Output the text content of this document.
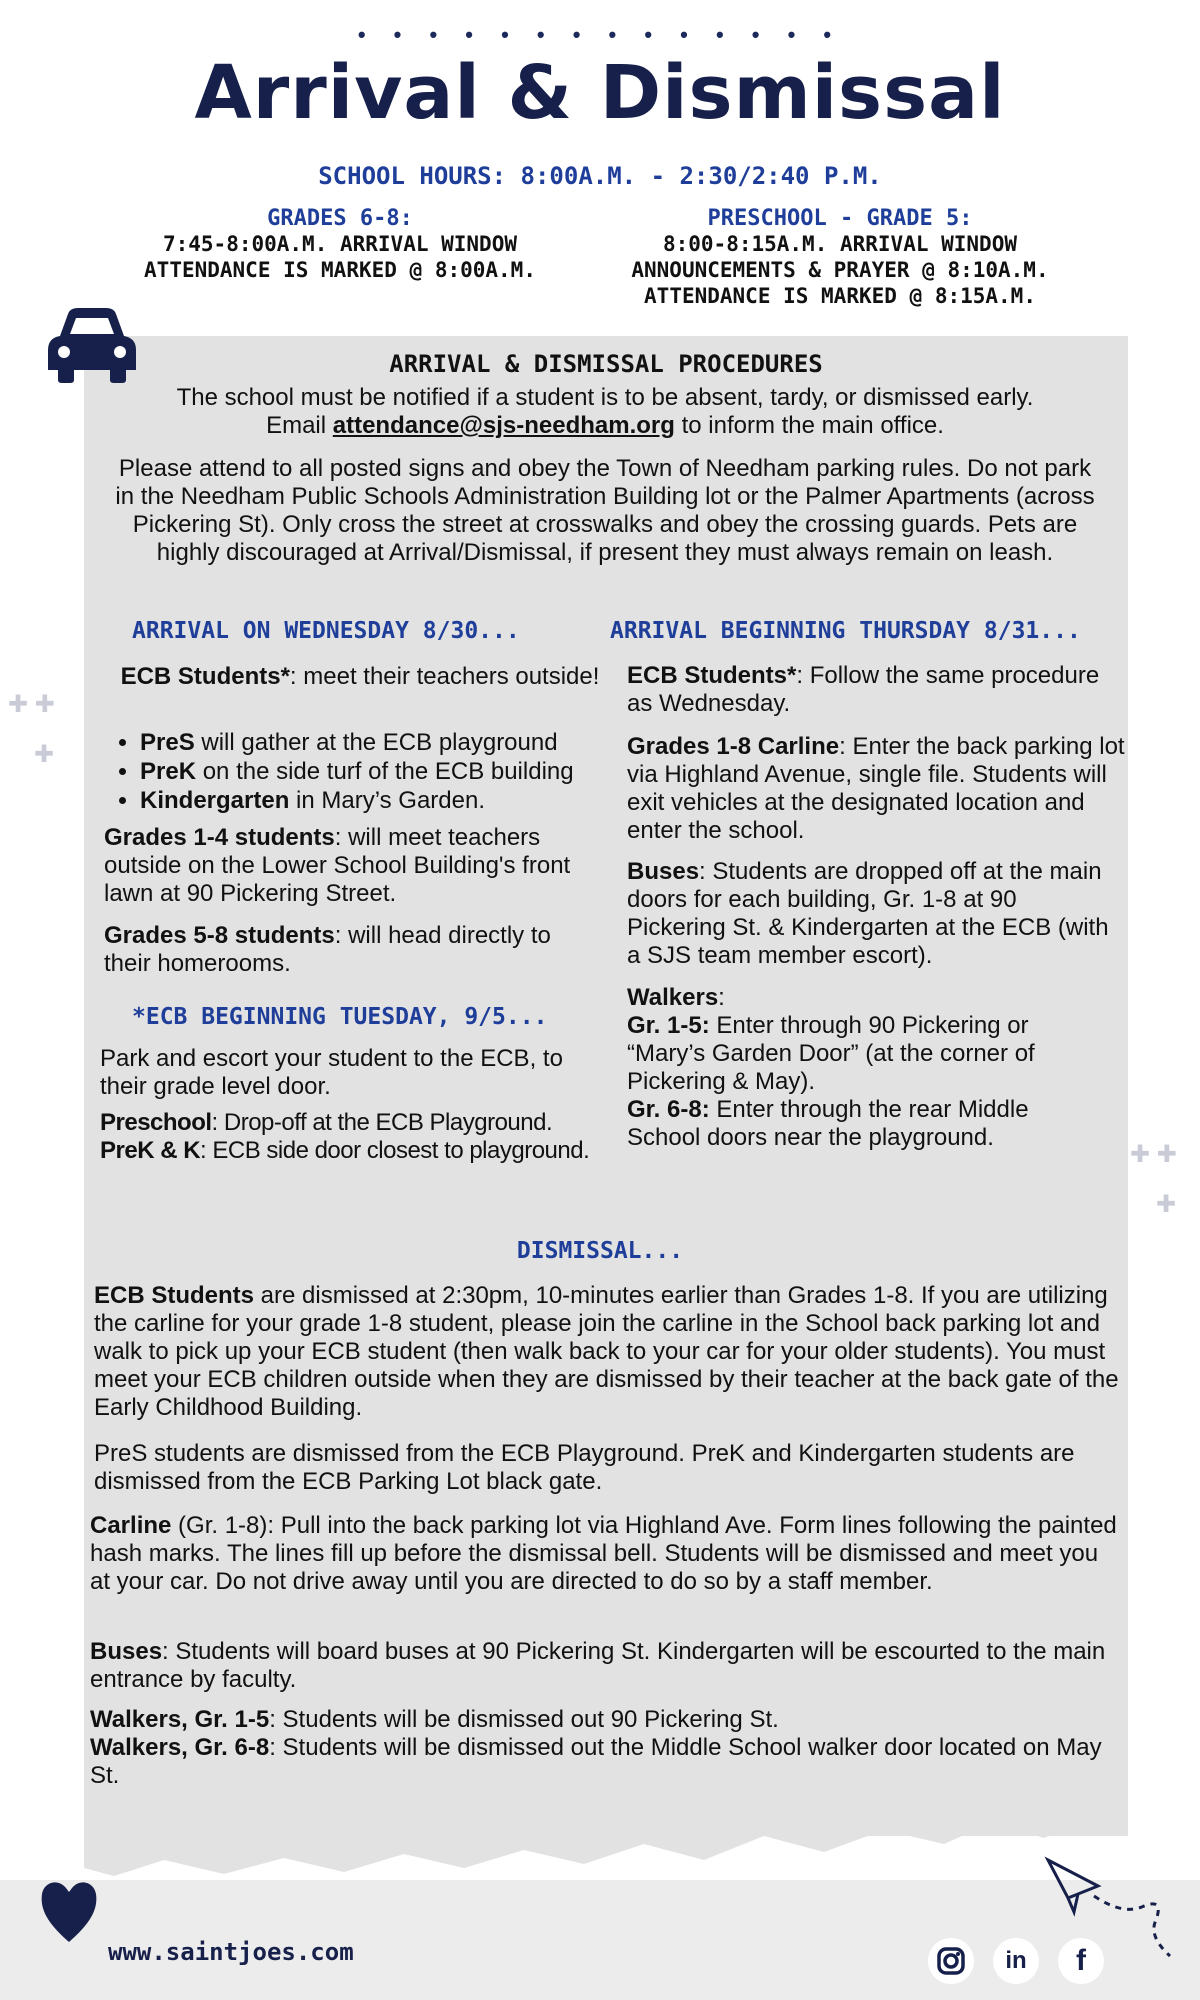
• • • • • • • • • • • • • •
Arrival & Dismissal
SCHOOL HOURS: 8:00A.M. - 2:30/2:40 P.M.
GRADES 6-8:
7:45-8:00A.M. ARRIVAL WINDOW
ATTENDANCE IS MARKED @ 8:00A.M.
PRESCHOOL - GRADE 5:
8:00-8:15A.M. ARRIVAL WINDOW
ANNOUNCEMENTS & PRAYER @ 8:10A.M.
ATTENDANCE IS MARKED @ 8:15A.M.
ARRIVAL & DISMISSAL PROCEDURES
The school must be notified if a student is to be absent, tardy, or dismissed early.
Email attendance@sjs-needham.org to inform the main office.
Please attend to all posted signs and obey the Town of Needham parking rules. Do not park in the Needham Public Schools Administration Building lot or the Palmer Apartments (across Pickering St). Only cross the street at crosswalks and obey the crossing guards. Pets are highly discouraged at Arrival/Dismissal, if present they must always remain on leash.
ARRIVAL ON WEDNESDAY 8/30...
ECB Students*: meet their teachers outside!
• PreS will gather at the ECB playground
• PreK on the side turf of the ECB building
• Kindergarten in Mary’s Garden.
Grades 1-4 students: will meet teachers outside on the Lower School Building's front lawn at 90 Pickering Street.
Grades 5-8 students: will head directly to their homerooms.
*ECB BEGINNING TUESDAY, 9/5...
Park and escort your student to the ECB, to their grade level door.
Preschool: Drop-off at the ECB Playground.
PreK & K: ECB side door closest to playground.
ARRIVAL BEGINNING THURSDAY 8/31...
ECB Students*: Follow the same procedure as Wednesday.
Grades 1-8 Carline: Enter the back parking lot via Highland Avenue, single file. Students will exit vehicles at the designated location and enter the school.
Buses: Students are dropped off at the main doors for each building, Gr. 1-8 at 90 Pickering St. & Kindergarten at the ECB (with a SJS team member escort).
Walkers:
Gr. 1-5: Enter through 90 Pickering or “Mary’s Garden Door” (at the corner of Pickering & May).
Gr. 6-8: Enter through the rear Middle School doors near the playground.
DISMISSAL...
ECB Students are dismissed at 2:30pm, 10-minutes earlier than Grades 1-8. If you are utilizing the carline for your grade 1-8 student, please join the carline in the School back parking lot and walk to pick up your ECB student (then walk back to your car for your older students). You must meet your ECB children outside when they are dismissed by their teacher at the back gate of the Early Childhood Building.
PreS students are dismissed from the ECB Playground. PreK and Kindergarten students are dismissed from the ECB Parking Lot black gate.
Carline (Gr. 1-8): Pull into the back parking lot via Highland Ave. Form lines following the painted hash marks. The lines fill up before the dismissal bell. Students will be dismissed and meet you at your car. Do not drive away until you are directed to do so by a staff member.
Buses: Students will board buses at 90 Pickering St. Kindergarten will be escourted to the main entrance by faculty.
Walkers, Gr. 1-5: Students will be dismissed out 90 Pickering St.
Walkers, Gr. 6-8: Students will be dismissed out the Middle School walker door located on May St.
✚ ✚
✚
✚ ✚
✚
www.saintjoes.com	in	f
